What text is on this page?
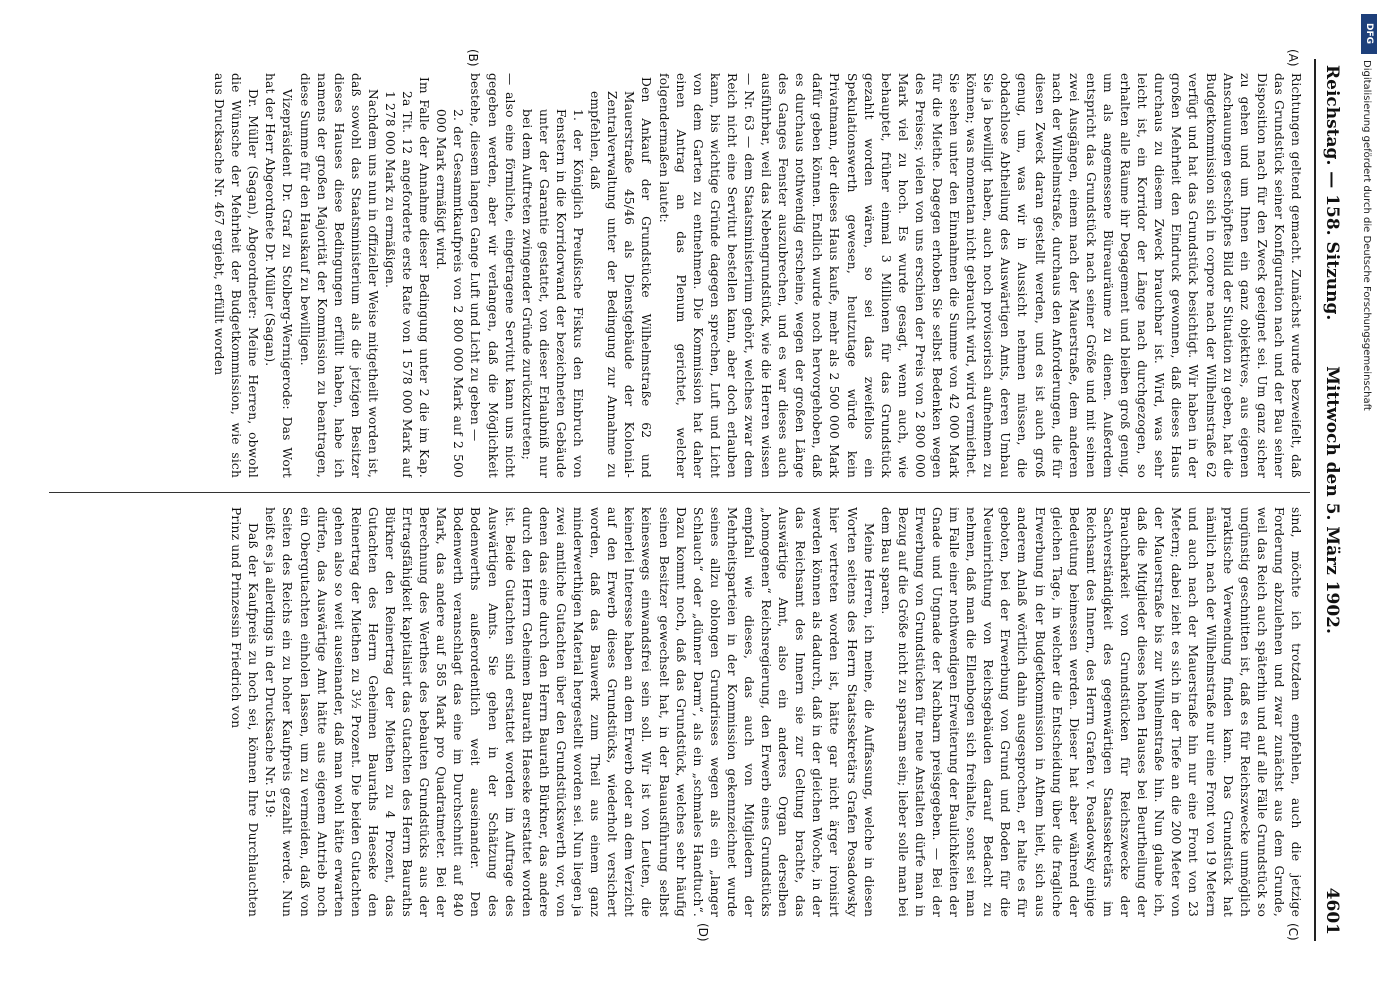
Reichstag. — 158. Sitzung.
Mittwoch den 5. März 1902.
4601
(A)
(B)
(C)
(D)

Richtungen geltend gemacht. Zunächst wurde bezweifelt, daß das Grundstück seiner Konfiguration nach und der Bau seiner Disposition nach für den Zweck geeignet sei. Um ganz sicher zu gehen und um Ihnen ein ganz objektives, aus eigenen Anschauungen geschöpftes Bild der Situation zu geben, hat die Budgetkommission sich in corpore nach der Wilhelmstraße 62 verfügt und hat das Grundstück besichtigt. Wir haben in der großen Mehrheit den Eindruck gewonnen, daß dieses Haus durchaus zu diesem Zweck brauchbar ist. Wird, was sehr leicht ist, ein Korridor der Länge nach durchgezogen, so erhalten alle Räume ihr Degagement und bleiben groß genug, um als angemessene Büreauräume zu dienen. Außerdem entspricht das Grundstück nach seiner Größe und mit seinen zwei Ausgängen, einem nach der Mauerstraße, dem anderen nach der Wilhelmstraße, durchaus den Anforderungen, die für diesen Zweck daran gestellt werden, und es ist auch groß genug, um, was wir in Aussicht nehmen müssen, die obdachlose Abtheilung des Auswärtigen Amts, deren Umbau Sie ja bewilligt haben, auch noch provisorisch aufnehmen zu können; was momentan nicht gebraucht wird, wird vermiethet. Sie sehen unter den Einnahmen die Summe von 42 000 Mark für die Miethe. Dagegen erhoben Sie selbst Bedenken wegen des Preises; vielen von uns erschien der Preis von 2 800 000 Mark viel zu hoch. Es wurde gesagt, wenn auch, wie behauptet, früher einmal 3 Millionen für das Grundstück gezahlt worden wären, so sei das zweifellos ein Spekulationswerth gewesen, heutzutage würde kein Privatmann, der dieses Haus kaufe, mehr als 2 500 000 Mark dafür geben können. Endlich wurde noch hervorgehoben, daß es durchaus nothwendig erscheine, wegen der großen Länge des Ganges Fenster auszubrechen, und es war dieses auch ausführbar, weil das Nebengrundstück, wie die Herren wissen — Nr. 63 — dem Staatsministerium gehört, welches zwar dem Reich nicht eine Servitut bestellen kann, aber doch erlauben kann, bis wichtige Gründe dagegen sprechen, Luft und Licht von dem Garten zu entnehmen. Die Kommission hat daher einen Antrag an das Plenum gerichtet, welcher folgendermaßen lautet:

Den Ankauf der Grundstücke Wilhelmstraße 62 und Mauerstraße 45/46 als Dienstgebäude der Kolonial-Zentralverwaltung unter der Bedingung zur Annahme zu empfehlen, daß

1. der Königlich Preußische Fiskus den Einbruch von Fenstern in die Korridorwand der bezeichneten Gebäude unter der Garantie gestattet, von dieser Erlaubniß nur bei dem Auftreten zwingender Gründe zurückzutreten;

— also eine förmliche, eingetragene Servitut kann uns nicht gegeben werden, aber wir verlangen, daß die Möglichkeit bestehe, diesem langen Gange Luft und Licht zu geben —

2. der Gesammtkaufpreis von 2 800 000 Mark auf 2 500 000 Mark ermäßigt wird.

Im Falle der Annahme dieser Bedingung unter 2 die im Kap. 2a Tit. 12 angeforderte erste Rate von 1 578 000 Mark auf 1 278 000 Mark zu ermäßigen.

Nachdem uns nun in offizieller Weise mitgetheilt worden ist, daß sowohl das Staatsministerium als die jetzigen Besitzer dieses Hauses diese Bedingungen erfüllt haben, habe ich namens der großen Majorität der Kommission zu beantragen, diese Summe für den Hauskauf zu bewilligen.

Vizepräsident Dr. Graf zu Stolberg-Wernigerode: Das Wort hat der Herr Abgeordnete Dr. Müller (Sagan).

Dr. Müller (Sagan), Abgeordneter: Meine Herren, obwohl die Wünsche der Mehrheit der Budgetkommission, wie sich aus Drucksache Nr. 467 ergiebt, erfüllt worden

sind, möchte ich trotzdem empfehlen, auch die jetzige Forderung abzulehnen und zwar zunächst aus dem Grunde, weil das Reich auch späterhin und auf alle Fälle Grundstück so ungünstig geschnitten ist, daß es für Reichszwecke unmöglich praktische Verwendung finden kann. Das Grundstück hat nämlich nach der Wilhelmstraße nur eine Front von 19 Metern und auch nach der Mauerstraße hin nur eine Front von 23 Metern; dabei zieht es sich in der Tiefe an die 200 Meter von der Mauerstraße bis zur Wilhelmstraße hin. Nun glaube ich, daß die Mitglieder dieses hohen Hauses bei Beurtheilung der Brauchbarkeit von Grundstücken für Reichszwecke der Sachverständigkeit des gegenwärtigen Staatssekretärs im Reichsamt des Innern, des Herrn Grafen v. Posadowsky einige Bedeutung beimessen werden. Dieser hat aber während der gleichen Tage, in welcher die Entscheidung über die fragliche Erwerbung in der Budgetkommission in Athem hielt, sich aus anderem Anlaß wörtlich dahin ausgesprochen, er halte es für geboten, bei der Erwerbung von Grund und Boden für die Neueinrichtung von Reichsgebäuden darauf Bedacht zu nehmen, daß man die Ellenbogen sich freihalte, sonst sei man im Falle einer nothwendigen Erweiterung der Baulichkeiten der Gnade und Ungnade der Nachbarn preisgegeben. — Bei der Erwerbung von Grundstücken für neue Anstalten dürfe man in Bezug auf die Größe nicht zu sparsam sein; lieber solle man bei dem Bau sparen.

Meine Herren, ich meine, die Auffassung, welche in diesen Worten seitens des Herrn Staatssekretärs Grafen Posadowsky hier vertreten worden ist, hätte gar nicht ärger ironisirt werden können als dadurch, daß in der gleichen Woche, in der das Reichsamt des Innern sie zur Geltung brachte, das Auswärtige Amt, also ein anderes Organ derselben „homogenen“ Reichsregierung, den Erwerb eines Grundstücks empfahl wie dieses, das auch von Mitgliedern der Mehrheitsparteien in der Kommission gekennzeichnet wurde seines allzu oblongen Grundrisses wegen als ein „langer Schlauch“ oder „dünner Darm“, als ein „schmales Handtuch“. Dazu kommt noch, daß das Grundstück, welches sehr häufig seinen Besitzer gewechselt hat, in der Bauausführung selbst keineswegs einwandsfrei sein soll. Wir ist von Leuten, die keinerlei Interesse haben an dem Erwerb oder an dem Verzicht auf den Erwerb dieses Grundstücks, wiederholt versichert worden, daß das Bauwerk zum Theil aus einem ganz minderwerthigen Material hergestellt worden sei. Nun liegen ja zwei amtliche Gutachten über den Grundstückswerth vor, von denen das eine durch den Herrn Baurath Bürkner, das andere durch den Herrn Geheimen Baurath Haeseke erstattet worden ist. Beide Gutachten sind erstattet worden im Auftrage des Auswärtigen Amts. Sie gehen in der Schätzung des Bodenwerths außerordentlich weit auseinander. Den Bodenwerth veranschlagt das eine im Durchschnitt auf 840 Mark, das andere auf 585 Mark pro Quadratmeter. Bei der Berechnung des Werthes des bebauten Grundstücks aus der Ertragsfähigkeit kapitalisirt das Gutachten des Herrn Bauraths Bürkner den Reinertrag der Miethen zu 4 Prozent, das Gutachten des Herrn Geheimen Bauraths Haeseke den Reinertrag der Miethen zu 3½ Prozent. Die beiden Gutachten gehen also so weit auseinander, daß man wohl hätte erwarten dürfen, das Auswärtige Amt hätte aus eigenem Antrieb noch ein Obergutachten einholen lassen, um zu vermeiden, daß von Seiten des Reichs ein zu hoher Kaufpreis gezahlt werde. Nun heißt es ja allerdings in der Drucksache Nr. 519:

Daß der Kaufpreis zu hoch sei, können Ihre Durchlauchten Prinz und Prinzessin Friedrich von

DFG
Digitalisierung gefördert durch die Deutsche Forschungsgemeinschaft
